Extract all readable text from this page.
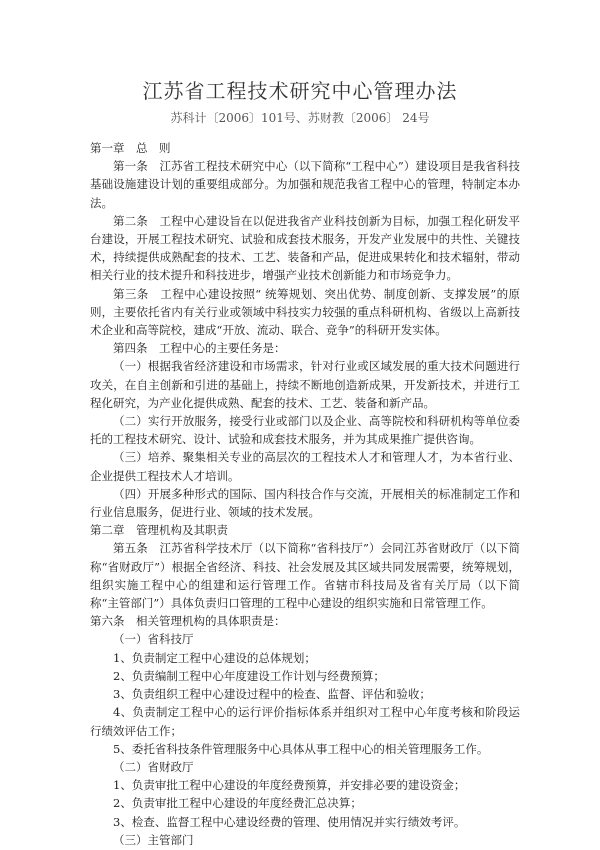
江苏省工程技术研究中心管理办法
苏科计〔2006〕101号、苏财教〔2006〕 24号

第一章　总　则

第一条　江苏省工程技术研究中心（以下简称“工程中心”）建设项目是我省科技基础设施建设计划的重要组成部分。为加强和规范我省工程中心的管理，特制定本办法。

第二条　工程中心建设旨在以促进我省产业科技创新为目标，加强工程化研发平台建设，开展工程技术研究、试验和成套技术服务，开发产业发展中的共性、关键技术，持续提供成熟配套的技术、工艺、装备和产品，促进成果转化和技术辐射，带动相关行业的技术提升和科技进步，增强产业技术创新能力和市场竞争力。

第三条　工程中心建设按照“ 统筹规划、突出优势、制度创新、支撑发展”的原则，主要依托省内有关行业或领域中科技实力较强的重点科研机构、省级以上高新技术企业和高等院校，建成“开放、流动、联合、竞争”的科研开发实体。

第四条　工程中心的主要任务是：

（一）根据我省经济建设和市场需求，针对行业或区域发展的重大技术问题进行攻关，在自主创新和引进的基础上，持续不断地创造新成果，开发新技术，并进行工程化研究，为产业化提供成熟、配套的技术、工艺、装备和新产品。

（二）实行开放服务，接受行业或部门以及企业、高等院校和科研机构等单位委托的工程技术研究、设计、试验和成套技术服务，并为其成果推广提供咨询。

（三）培养、聚集相关专业的高层次的工程技术人才和管理人才，为本省行业、企业提供工程技术人才培训。

（四）开展多种形式的国际、国内科技合作与交流，开展相关的标准制定工作和行业信息服务，促进行业、领域的技术发展。

第二章　管理机构及其职责

第五条　江苏省科学技术厅（以下简称“省科技厅”）会同江苏省财政厅（以下简称“省财政厅”）根据全省经济、科技、社会发展及其区域共同发展需要，统筹规划，组织实施工程中心的组建和运行管理工作。省辖市科技局及省有关厅局（以下简称“主管部门”）具体负责归口管理的工程中心建设的组织实施和日常管理工作。

第六条　相关管理机构的具体职责是：

（一）省科技厅

1、负责制定工程中心建设的总体规划；

2、负责编制工程中心年度建设工作计划与经费预算；

3、负责组织工程中心建设过程中的检查、监督、评估和验收；

4、负责制定工程中心的运行评价指标体系并组织对工程中心年度考核和阶段运行绩效评估工作；

5、委托省科技条件管理服务中心具体从事工程中心的相关管理服务工作。

（二）省财政厅

1、负责审批工程中心建设的年度经费预算，并安排必要的建设资金；

2、负责审批工程中心建设的年度经费汇总决算；

3、检查、监督工程中心建设经费的管理、使用情况并实行绩效考评。

（三）主管部门
